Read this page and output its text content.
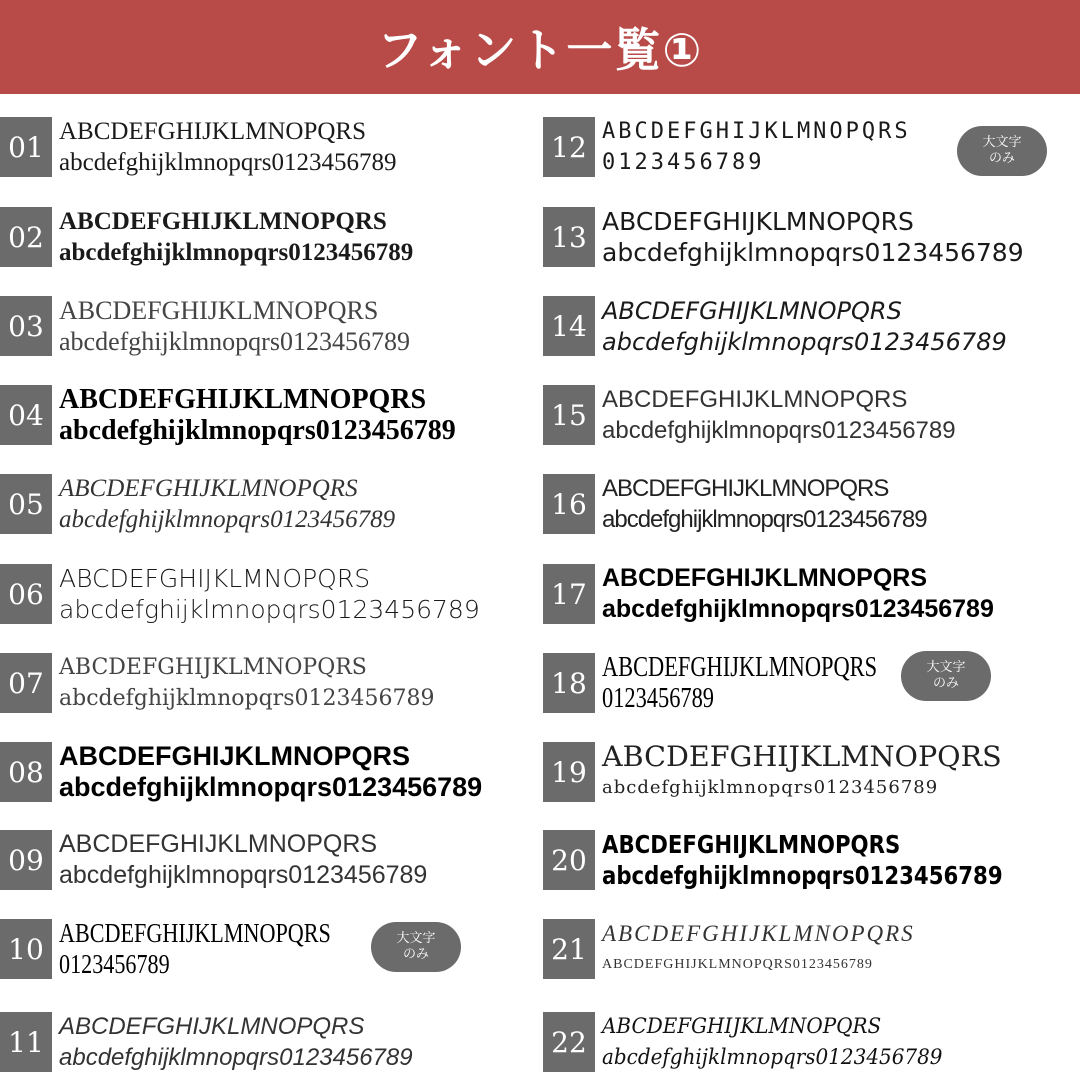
フォント一覧①
01 ABCDEFGHIJKLMNOPQRS
abcdefghijklmnopqrs0123456789
02 ABCDEFGHIJKLMNOPQRS
abcdefghijklmnopqrs0123456789
03 ABCDEFGHIJKLMNOPQRS
abcdefghijklmnopqrs0123456789
04 ABCDEFGHIJKLMNOPQRS
abcdefghijklmnopqrs0123456789
05 ABCDEFGHIJKLMNOPQRS
abcdefghijklmnopqrs0123456789
06 ABCDEFGHIJKLMNOPQRS
abcdefghijklmnopqrs0123456789
07 ABCDEFGHIJKLMNOPQRS
abcdefghijklmnopqrs0123456789
08 ABCDEFGHIJKLMNOPQRS
abcdefghijklmnopqrs0123456789
09 ABCDEFGHIJKLMNOPQRS
abcdefghijklmnopqrs0123456789
10 ABCDEFGHIJKLMNOPQRS
0123456789
大文字
のみ
11 ABCDEFGHIJKLMNOPQRS
abcdefghijklmnopqrs0123456789
12 ABCDEFGHIJKLMNOPQRS
0123456789
大文字
のみ
13 ABCDEFGHIJKLMNOPQRS
abcdefghijklmnopqrs0123456789
14 ABCDEFGHIJKLMNOPQRS
abcdefghijklmnopqrs0123456789
15 ABCDEFGHIJKLMNOPQRS
abcdefghijklmnopqrs0123456789
16 ABCDEFGHIJKLMNOPQRS
abcdefghijklmnopqrs0123456789
17 ABCDEFGHIJKLMNOPQRS
abcdefghijklmnopqrs0123456789
18 ABCDEFGHIJKLMNOPQRS
0123456789
大文字
のみ
19 ABCDEFGHIJKLMNOPQRS
abcdefghijklmnopqrs0123456789
20 ABCDEFGHIJKLMNOPQRS
abcdefghijklmnopqrs0123456789
21 ABCDEFGHIJKLMNOPQRS
ABCDEFGHIJKLMNOPQRS0123456789
22 ABCDEFGHIJKLMNOPQRS
abcdefghijklmnopqrs0123456789
